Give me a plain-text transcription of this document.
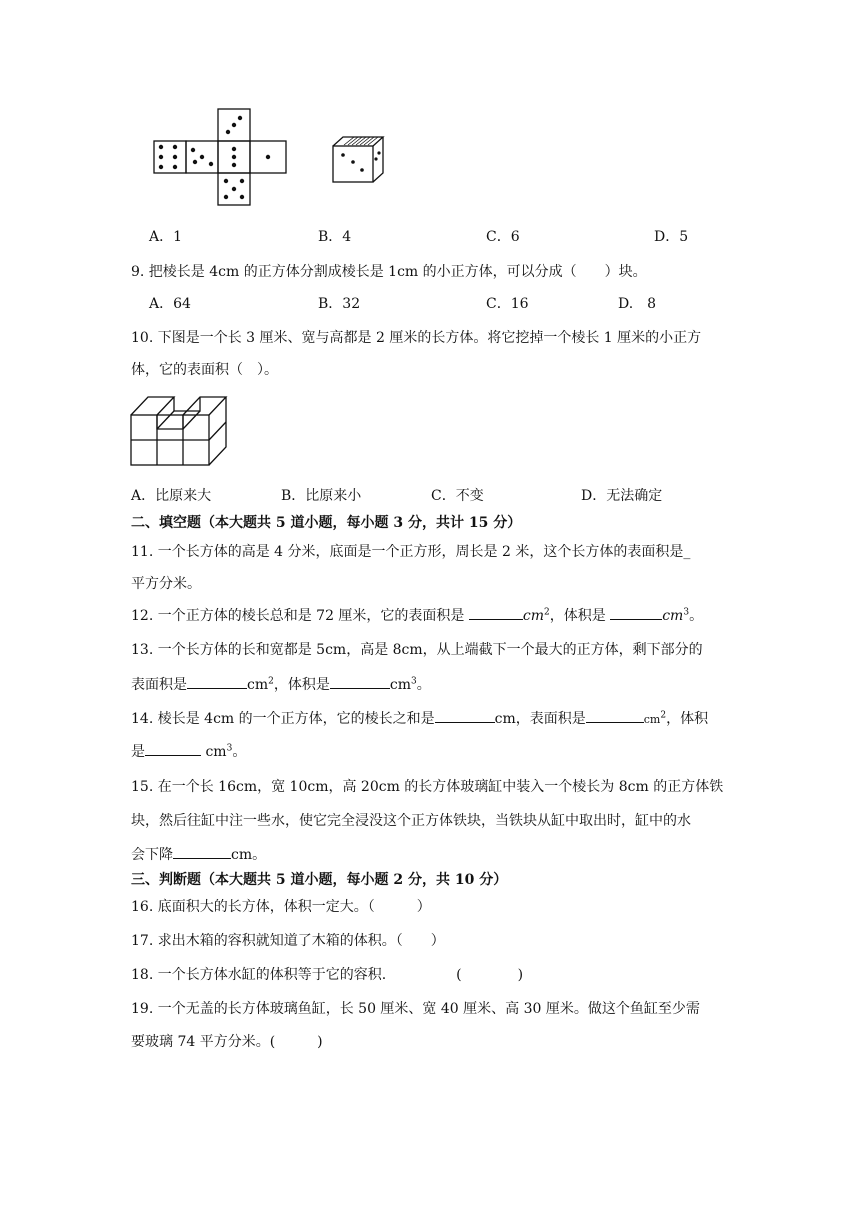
A．1	B．4	C．6	D．5
9. 把棱长是 4cm 的正方体分割成棱长是 1cm 的小正方体，可以分成（　　）块。
A．64	B．32	C．16	D.　8
10. 下图是一个长 3 厘米、宽与高都是 2 厘米的长方体。将它挖掉一个棱长 1 厘米的小正方
体，它的表面积（　）。
A．比原来大	B．比原来小	C．不变	D．无法确定
二、填空题（本大题共 5 道小题，每小题 3 分，共计 15 分）
11. 一个长方体的高是 4 分米，底面是一个正方形，周长是 2 米，这个长方体的表面积是_
平方分米。
12. 一个正方体的棱长总和是 72 厘米，它的表面积是	$cm^2$，体积是	$cm^3$。
13. 一个长方体的长和宽都是 5cm，高是 8cm，从上端截下一个最大的正方体，剩下部分的
表面积是	$cm^2$，体积是	$cm^3$。
14. 棱长是 4cm 的一个正方体，它的棱长之和是	cm，表面积是	$cm^2$，体积
是	$cm^3$。
15. 在一个长 16cm，宽 10cm，高 20cm 的长方体玻璃缸中装入一个棱长为 8cm 的正方体铁
块，然后往缸中注一些水，使它完全浸没这个正方体铁块，当铁块从缸中取出时，缸中的水
会下降	cm。
三、判断题（本大题共 5 道小题，每小题 2 分，共 10 分）
16. 底面积大的长方体，体积一定大。（　　　）
17. 求出木箱的容积就知道了木箱的体积。（　　）
18. 一个长方体水缸的体积等于它的容积.　　　　　(　　　　)
19. 一个无盖的长方体玻璃鱼缸，长 50 厘米、宽 40 厘米、高 30 厘米。做这个鱼缸至少需
要玻璃 74 平方分米。(　　　)
